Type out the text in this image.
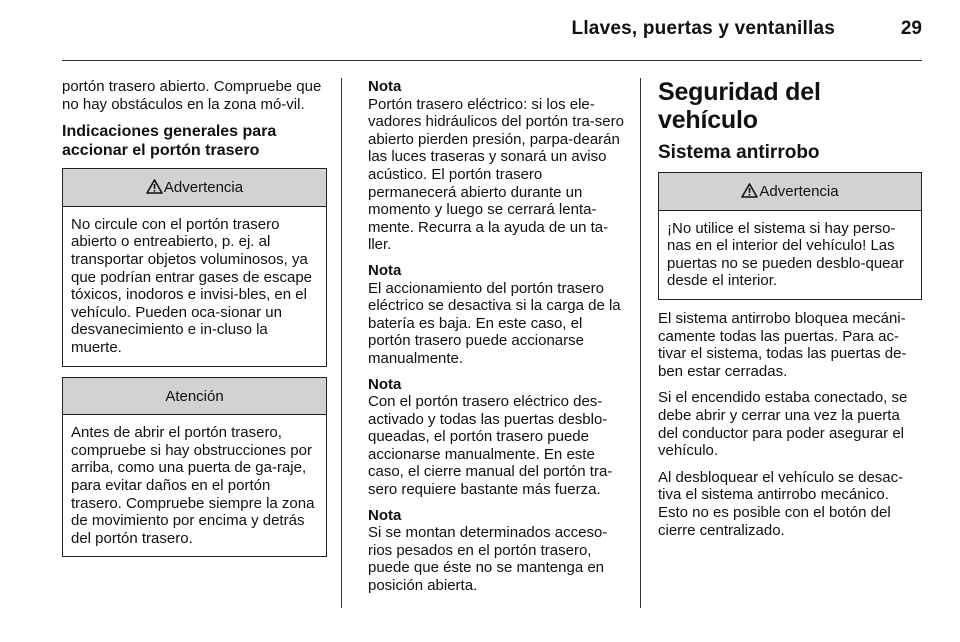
Llaves, puertas y ventanillas	29

portón trasero abierto. Compruebe que no hay obstáculos en la zona mó-vil.

Indicaciones generales para accionar el portón trasero

Advertencia
No circule con el portón trasero abierto o entreabierto, p. ej. al transportar objetos voluminosos, ya que podrían entrar gases de escape tóxicos, inodoros e invisi-bles, en el vehículo. Pueden oca-sionar un desvanecimiento e in-cluso la muerte.
Atención
Antes de abrir el portón trasero, compruebe si hay obstrucciones por arriba, como una puerta de ga-raje, para evitar daños en el portón trasero. Compruebe siempre la zona de movimiento por encima y detrás del portón trasero.
Nota
Portón trasero eléctrico: si los ele-vadores hidráulicos del portón tra-sero abierto pierden presión, parpa-dearán las luces traseras y sonará un aviso acústico. El portón trasero permanecerá abierto durante un momento y luego se cerrará lenta-mente. Recurra a la ayuda de un ta-ller.
Nota
El accionamiento del portón trasero eléctrico se desactiva si la carga de la batería es baja. En este caso, el portón trasero puede accionarse manualmente.
Nota
Con el portón trasero eléctrico des-activado y todas las puertas desblo-queadas, el portón trasero puede accionarse manualmente. En este caso, el cierre manual del portón tra-sero requiere bastante más fuerza.
Nota
Si se montan determinados acceso-rios pesados en el portón trasero, puede que éste no se mantenga en posición abierta.
Seguridad del vehículo
Sistema antirrobo
Advertencia
¡No utilice el sistema si hay perso-nas en el interior del vehículo! Las puertas no se pueden desblo-quear desde el interior.

El sistema antirrobo bloquea mecáni-camente todas las puertas. Para ac-tivar el sistema, todas las puertas de-ben estar cerradas.

Si el encendido estaba conectado, se debe abrir y cerrar una vez la puerta del conductor para poder asegurar el vehículo.

Al desbloquear el vehículo se desac-tiva el sistema antirrobo mecánico. Esto no es posible con el botón del cierre centralizado.
